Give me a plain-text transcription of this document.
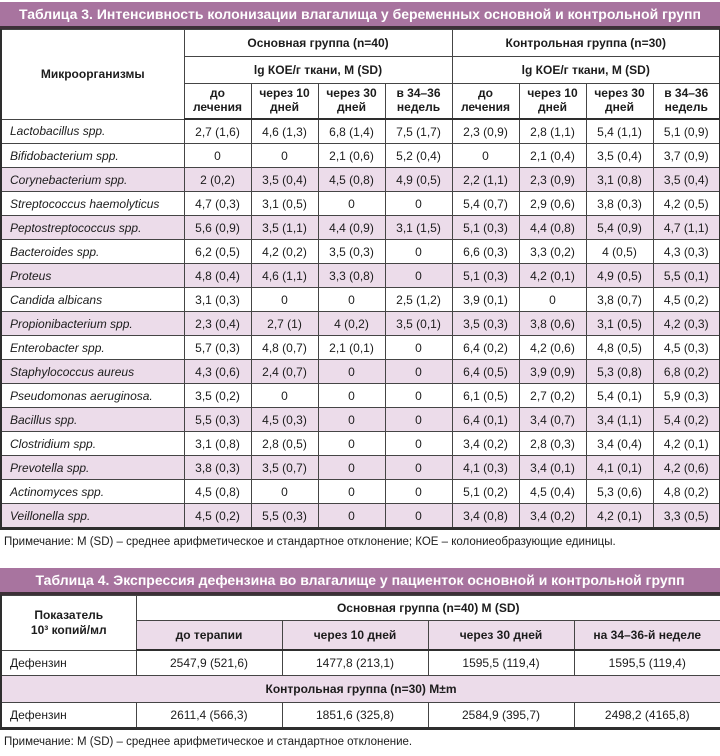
Таблица 3. Интенсивность колонизации влагалища у беременных основной и контрольной групп
Микроорганизмы	Основная группа (n=40)				Контрольная группа (n=30)			
	lg КОЕ/г ткани, M (SD)				lg КОЕ/г ткани, M (SD)			
	до лечения	через 10 дней	через 30 дней	в 34–36 недель	до лечения	через 10 дней	через 30 дней	в 34–36 недель
Lactobacillus spp.	2,7 (1,6)	4,6 (1,3)	6,8 (1,4)	7,5 (1,7)	2,3 (0,9)	2,8 (1,1)	5,4 (1,1)	5,1 (0,9)
Bifidobacterium spp.	0	0	2,1 (0,6)	5,2 (0,4)	0	2,1 (0,4)	3,5 (0,4)	3,7 (0,9)
Corynebacterium spp.	2 (0,2)	3,5 (0,4)	4,5 (0,8)	4,9 (0,5)	2,2 (1,1)	2,3 (0,9)	3,1 (0,8)	3,5 (0,4)
Streptococcus haemolyticus	4,7 (0,3)	3,1 (0,5)	0	0	5,4 (0,7)	2,9 (0,6)	3,8 (0,3)	4,2 (0,5)
Peptostreptococcus spp.	5,6 (0,9)	3,5 (1,1)	4,4 (0,9)	3,1 (1,5)	5,1 (0,3)	4,4 (0,8)	5,4 (0,9)	4,7 (1,1)
Bacteroides spp.	6,2 (0,5)	4,2 (0,2)	3,5 (0,3)	0	6,6 (0,3)	3,3 (0,2)	4 (0,5)	4,3 (0,3)
Proteus	4,8 (0,4)	4,6 (1,1)	3,3 (0,8)	0	5,1 (0,3)	4,2 (0,1)	4,9 (0,5)	5,5 (0,1)
Candida albicans	3,1 (0,3)	0	0	2,5 (1,2)	3,9 (0,1)	0	3,8 (0,7)	4,5 (0,2)
Propionibacterium spp.	2,3 (0,4)	2,7 (1)	4 (0,2)	3,5 (0,1)	3,5 (0,3)	3,8 (0,6)	3,1 (0,5)	4,2 (0,3)
Enterobacter spp.	5,7 (0,3)	4,8 (0,7)	2,1 (0,1)	0	6,4 (0,2)	4,2 (0,6)	4,8 (0,5)	4,5 (0,3)
Staphylococcus aureus	4,3 (0,6)	2,4 (0,7)	0	0	6,4 (0,5)	3,9 (0,9)	5,3 (0,8)	6,8 (0,2)
Pseudomonas aeruginosa.	3,5 (0,2)	0	0	0	6,1 (0,5)	2,7 (0,2)	5,4 (0,1)	5,9 (0,3)
Bacillus spp.	5,5 (0,3)	4,5 (0,3)	0	0	6,4 (0,1)	3,4 (0,7)	3,4 (1,1)	5,4 (0,2)
Clostridium spp.	3,1 (0,8)	2,8 (0,5)	0	0	3,4 (0,2)	2,8 (0,3)	3,4 (0,4)	4,2 (0,1)
Prevotella spp.	3,8 (0,3)	3,5 (0,7)	0	0	4,1 (0,3)	3,4 (0,1)	4,1 (0,1)	4,2 (0,6)
Actinomyces spp.	4,5 (0,8)	0	0	0	5,1 (0,2)	4,5 (0,4)	5,3 (0,6)	4,8 (0,2)
Veillonella spp.	4,5 (0,2)	5,5 (0,3)	0	0	3,4 (0,8)	3,4 (0,2)	4,2 (0,1)	3,3 (0,5)
Примечание: M (SD) – среднее арифметическое и стандартное отклонение; КОЕ – колониеобразующие единицы.
Таблица 4. Экспрессия дефензина во влагалище у пациенток основной и контрольной групп
Показатель
10³ копий/мл	Основная группа (n=40) M (SD)			
	до терапии	через 10 дней	через 30 дней	на 34–36-й неделе
Дефензин	2547,9 (521,6)	1477,8 (213,1)	1595,5 (119,4)	1595,5 (119,4)
Контрольная группа (n=30) M±m				
Дефензин	2611,4 (566,3)	1851,6 (325,8)	2584,9 (395,7)	2498,2 (4165,8)
Примечание: M (SD) – среднее арифметическое и стандартное отклонение.
